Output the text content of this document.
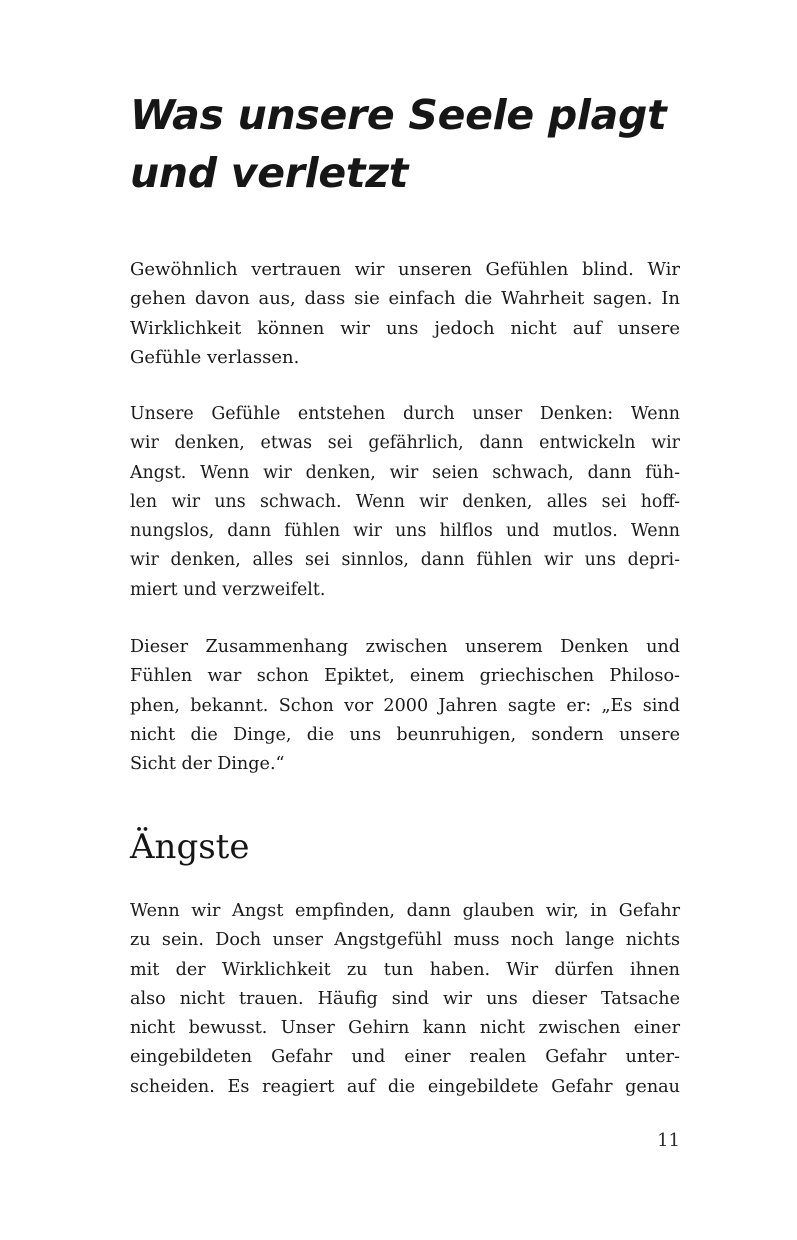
Was unsere Seele plagt
und verletzt

Gewöhnlich vertrauen wir unseren Gefühlen blind. Wir
gehen davon aus, dass sie einfach die Wahrheit sagen. In
Wirklichkeit können wir uns jedoch nicht auf unsere
Gefühle verlassen.

Unsere Gefühle entstehen durch unser Denken: Wenn
wir denken, etwas sei gefährlich, dann entwickeln wir
Angst. Wenn wir denken, wir seien schwach, dann füh-
len wir uns schwach. Wenn wir denken, alles sei hoff-
nungslos, dann fühlen wir uns hilflos und mutlos. Wenn
wir denken, alles sei sinnlos, dann fühlen wir uns depri-
miert und verzweifelt.

Dieser Zusammenhang zwischen unserem Denken und
Fühlen war schon Epiktet, einem griechischen Philoso-
phen, bekannt. Schon vor 2000 Jahren sagte er: „Es sind
nicht die Dinge, die uns beunruhigen, sondern unsere
Sicht der Dinge.“

Ängste

Wenn wir Angst empfinden, dann glauben wir, in Gefahr
zu sein. Doch unser Angstgefühl muss noch lange nichts
mit der Wirklichkeit zu tun haben. Wir dürfen ihnen
also nicht trauen. Häufig sind wir uns dieser Tatsache
nicht bewusst. Unser Gehirn kann nicht zwischen einer
eingebildeten Gefahr und einer realen Gefahr unter-
scheiden. Es reagiert auf die eingebildete Gefahr genau

11
